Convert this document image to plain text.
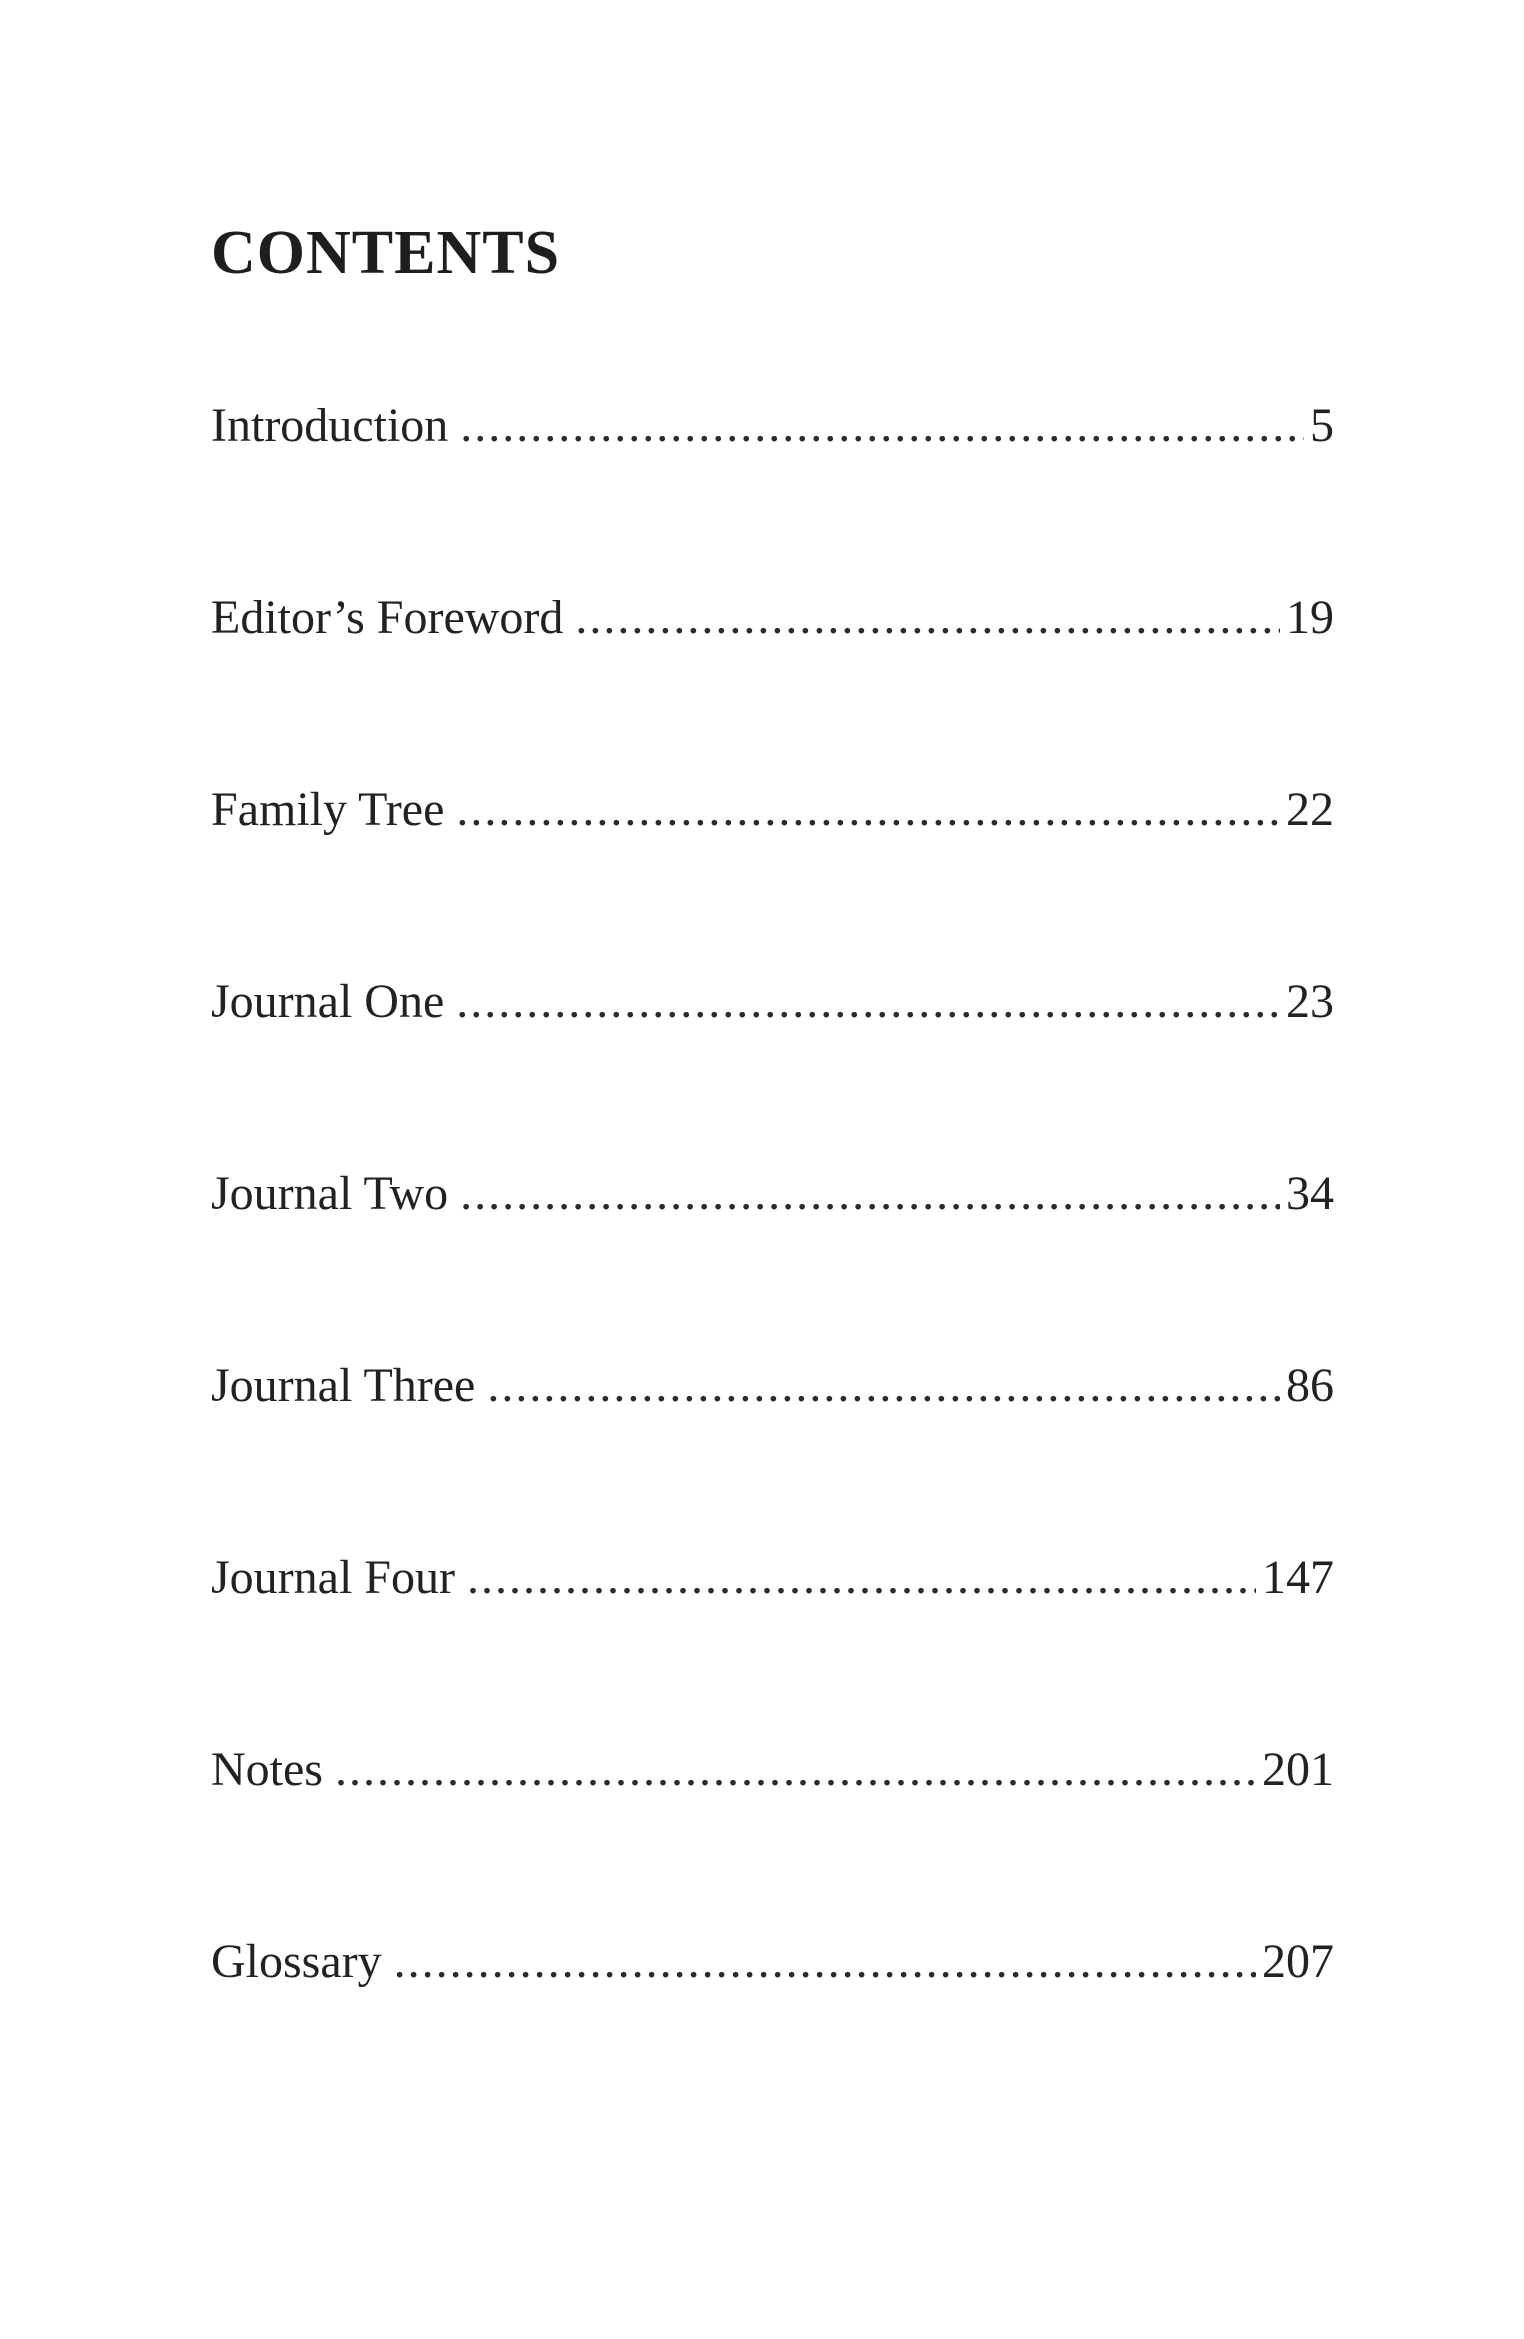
CONTENTS
Introduction .....	5
Editor’s Foreword .....	19
Family Tree .....	22
Journal One .....	23
Journal Two .....	34
Journal Three .....	86
Journal Four .....	147
Notes .....	201
Glossary .....	207
